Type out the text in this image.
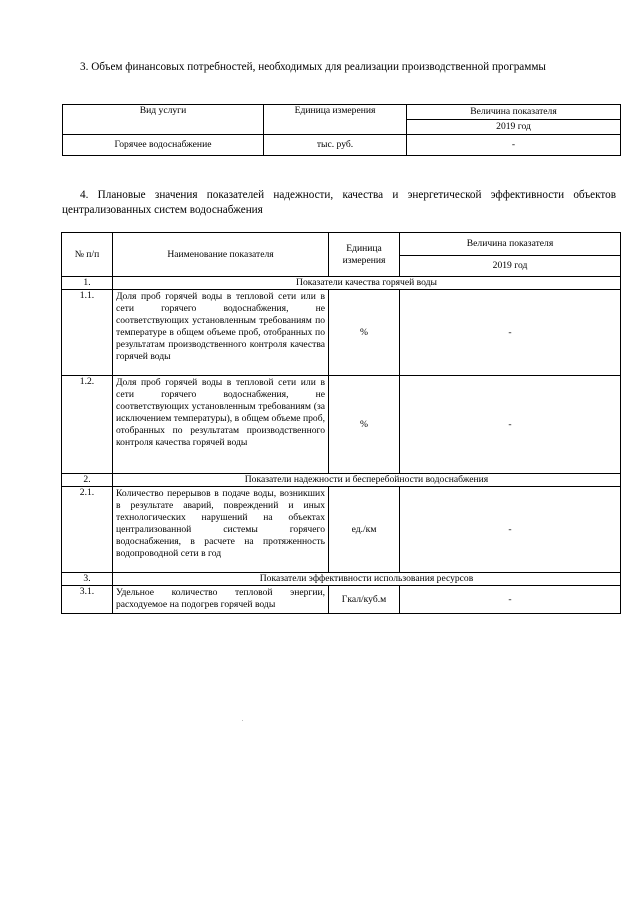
3. Объем финансовых потребностей, необходимых для реализации производственной программы
Вид услуги	Единица измерения	Величина показателя
		2019 год
Горячее водоснабжение	тыс. руб.	-
4. Плановые значения показателей надежности, качества и энергетической эффективности объектов централизованных систем водоснабжения
№ п/п	Наименование показателя	Единица измерения	Величина показателя
			2019 год
1.	Показатели качества горячей воды		
1.1.	Доля проб горячей воды в тепловой сети или в сети горячего водоснабжения, не соответствующих установленным требованиям по температуре в общем объеме проб, отобранных по результатам производственного контроля качества горячей воды	%	-
1.2.	Доля проб горячей воды в тепловой сети или в сети горячего водоснабжения, не соответствующих установленным требованиям (за исключением температуры), в общем объеме проб, отобранных по результатам производственного контроля качества горячей воды	%	-
2.	Показатели надежности и бесперебойности водоснабжения		
2.1.	Количество перерывов в подаче воды, возникших в результате аварий, повреждений и иных технологических нарушений на объектах централизованной системы горячего водоснабжения, в расчете на протяженность водопроводной сети в год	ед./км	-
3.	Показатели эффективности использования ресурсов		
3.1.	Удельное количество тепловой энергии, расходуемое на подогрев горячей воды	Гкал/куб.м	-
